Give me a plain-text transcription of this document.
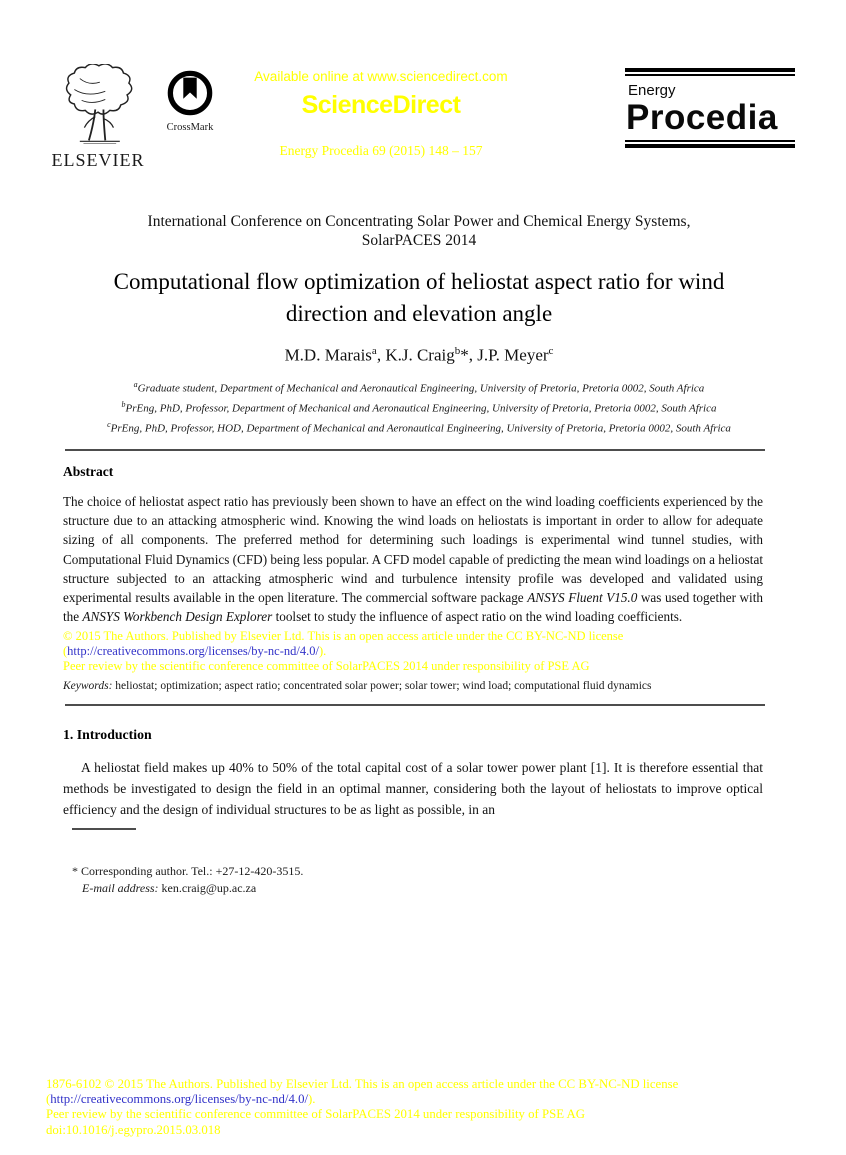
ELSEVIER
CrossMark
Available online at www.sciencedirect.com
ScienceDirect
Energy Procedia 69 (2015) 148 – 157
Energy
Procedia
International Conference on Concentrating Solar Power and Chemical Energy Systems,
SolarPACES 2014
Computational flow optimization of heliostat aspect ratio for wind
direction and elevation angle
M.D. Marais$^a$, K.J. Craig$^b$*, J.P. Meyer$^c$
$^a$Graduate student, Department of Mechanical and Aeronautical Engineering, University of Pretoria, Pretoria 0002, South Africa
$^b$PrEng, PhD, Professor, Department of Mechanical and Aeronautical Engineering, University of Pretoria, Pretoria 0002, South Africa
$^c$PrEng, PhD, Professor, HOD, Department of Mechanical and Aeronautical Engineering, University of Pretoria, Pretoria 0002, South Africa
Abstract
The choice of heliostat aspect ratio has previously been shown to have an effect on the wind loading coefficients experienced by the structure due to an attacking atmospheric wind. Knowing the wind loads on heliostats is important in order to allow for adequate sizing of all components. The preferred method for determining such loadings is experimental wind tunnel studies, with Computational Fluid Dynamics (CFD) being less popular. A CFD model capable of predicting the mean wind loadings on a heliostat structure subjected to an attacking atmospheric wind and turbulence intensity profile was developed and validated using experimental results available in the open literature. The commercial software package ANSYS Fluent V15.0 was used together with the ANSYS Workbench Design Explorer toolset to study the influence of aspect ratio on the wind loading coefficients.
© 2015 The Authors. Published by Elsevier Ltd. This is an open access article under the CC BY-NC-ND license
(http://creativecommons.org/licenses/by-nc-nd/4.0/).
Peer review by the scientific conference committee of SolarPACES 2014 under responsibility of PSE AG
Keywords: heliostat; optimization; aspect ratio; concentrated solar power; solar tower; wind load; computational fluid dynamics
1. Introduction
A heliostat field makes up 40% to 50% of the total capital cost of a solar tower power plant [1]. It is therefore essential that methods be investigated to design the field in an optimal manner, considering both the layout of heliostats to improve optical efficiency and the design of individual structures to be as light as possible, in an
* Corresponding author. Tel.: +27-12-420-3515.
E-mail address: ken.craig@up.ac.za
1876-6102 © 2015 The Authors. Published by Elsevier Ltd. This is an open access article under the CC BY-NC-ND license
(http://creativecommons.org/licenses/by-nc-nd/4.0/).
Peer review by the scientific conference committee of SolarPACES 2014 under responsibility of PSE AG
doi:10.1016/j.egypro.2015.03.018
